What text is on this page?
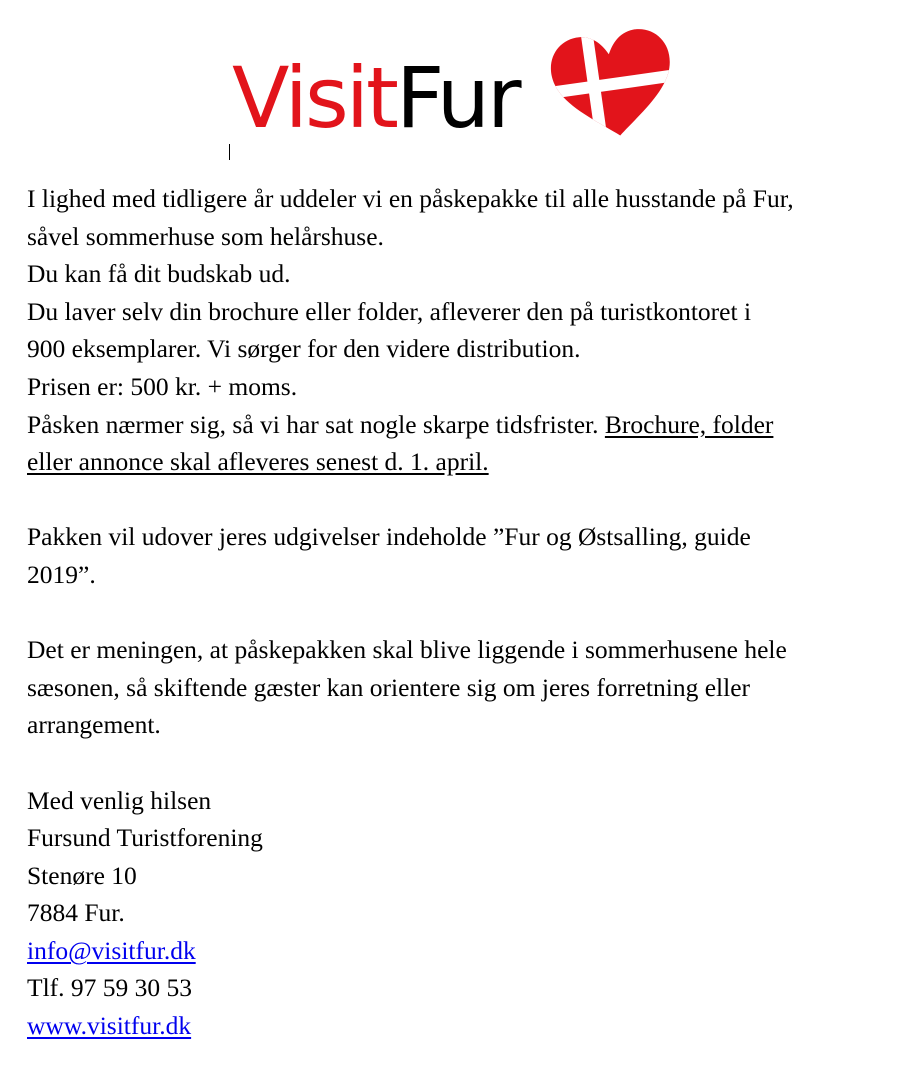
VisitFur

I lighed med tidligere år uddeler vi en påskepakke til alle husstande på Fur,

såvel sommerhuse som helårshuse.

Du kan få dit budskab ud.

Du laver selv din brochure eller folder, afleverer den på turistkontoret i

900 eksemplarer. Vi sørger for den videre distribution.

Prisen er: 500 kr. + moms.

Påsken nærmer sig, så vi har sat nogle skarpe tidsfrister. Brochure, folder

eller annonce skal afleveres senest d. 1. april.

Pakken vil udover jeres udgivelser indeholde ”Fur og Østsalling, guide

2019”.

Det er meningen, at påskepakken skal blive liggende i sommerhusene hele

sæsonen, så skiftende gæster kan orientere sig om jeres forretning eller

arrangement.

Med venlig hilsen

Fursund Turistforening

Stenøre 10

7884 Fur.

info@visitfur.dk

Tlf. 97 59 30 53

www.visitfur.dk
